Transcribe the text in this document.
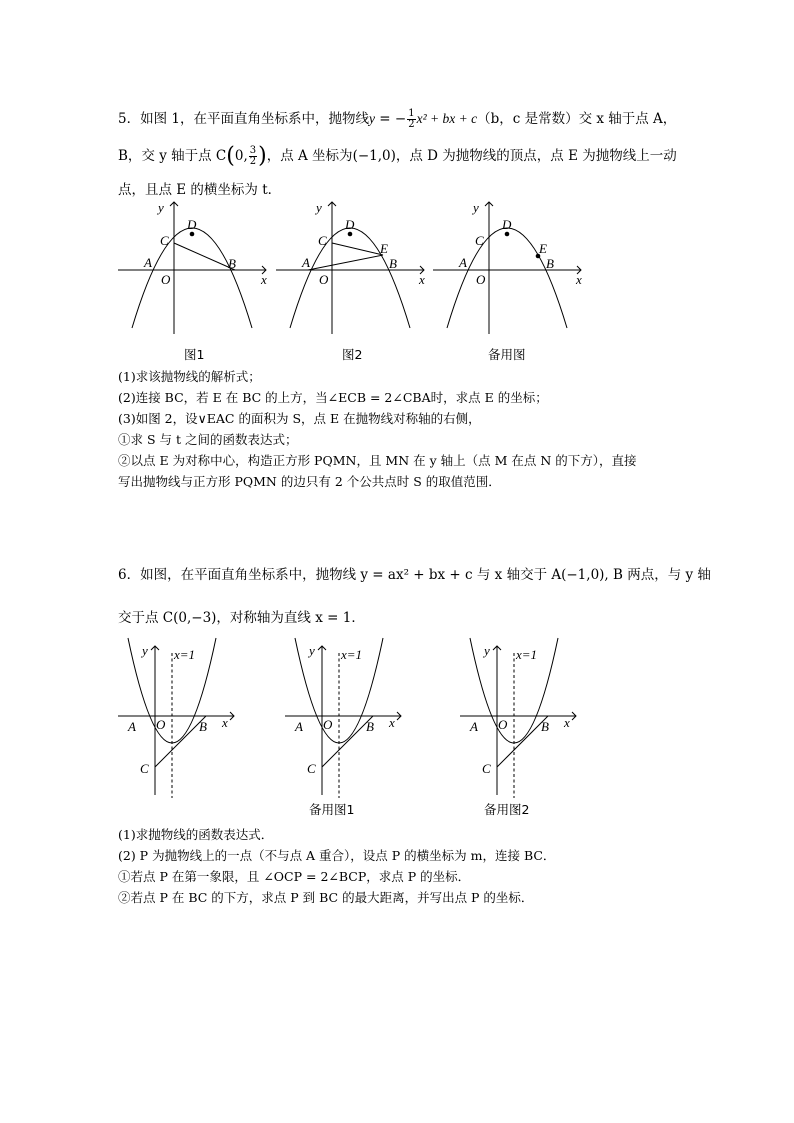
5．如图 1，在平面直角坐标系中，抛物线y = − $\frac{1}{2} x^2$ + bx + c（b，c 是常数）交 x 轴于点 A，
B，交 y 轴于点 C(0, $\frac{3}{2}$ )，点 A 坐标为(−1,0)，点 D 为抛物线的顶点，点 E 为抛物线上一动
点，且点 E 的横坐标为 t．
y
x
O
A	B
C
D
图1
y
x
O
A	B
C
D
E
图2
y
x
O
A	B
C
D
E
备用图
(1)求该抛物线的解析式；
(2)连接 BC，若 E 在 BC 的上方，当∠ECB = 2∠CBA时，求点 E 的坐标；
(3)如图 2，设∨EAC 的面积为 S，点 E 在抛物线对称轴的右侧，
①求 S 与 t 之间的函数表达式；
②以点 E 为对称中心，构造正方形 PQMN，且 MN 在 y 轴上（点 M 在点 N 的下方），直接
写出抛物线与正方形 PQMN 的边只有 2 个公共点时 S 的取值范围．
6．如图，在平面直角坐标系中，抛物线 y = ax² + bx + c 与 x 轴交于 A(−1,0), B 两点，与 y 轴
交于点 C(0,−3)，对称轴为直线 x = 1．
y x=1
x
O
A	B
C
y x=1
x
O
A	B
C
备用图1
y x=1
x
O
A	B
C
备用图2
(1)求抛物线的函数表达式．
(2) P 为抛物线上的一点（不与点 A 重合），设点 P 的横坐标为 m，连接 BC．
①若点 P 在第一象限，且 ∠OCP = 2∠BCP，求点 P 的坐标．
②若点 P 在 BC 的下方，求点 P 到 BC 的最大距离，并写出点 P 的坐标．
